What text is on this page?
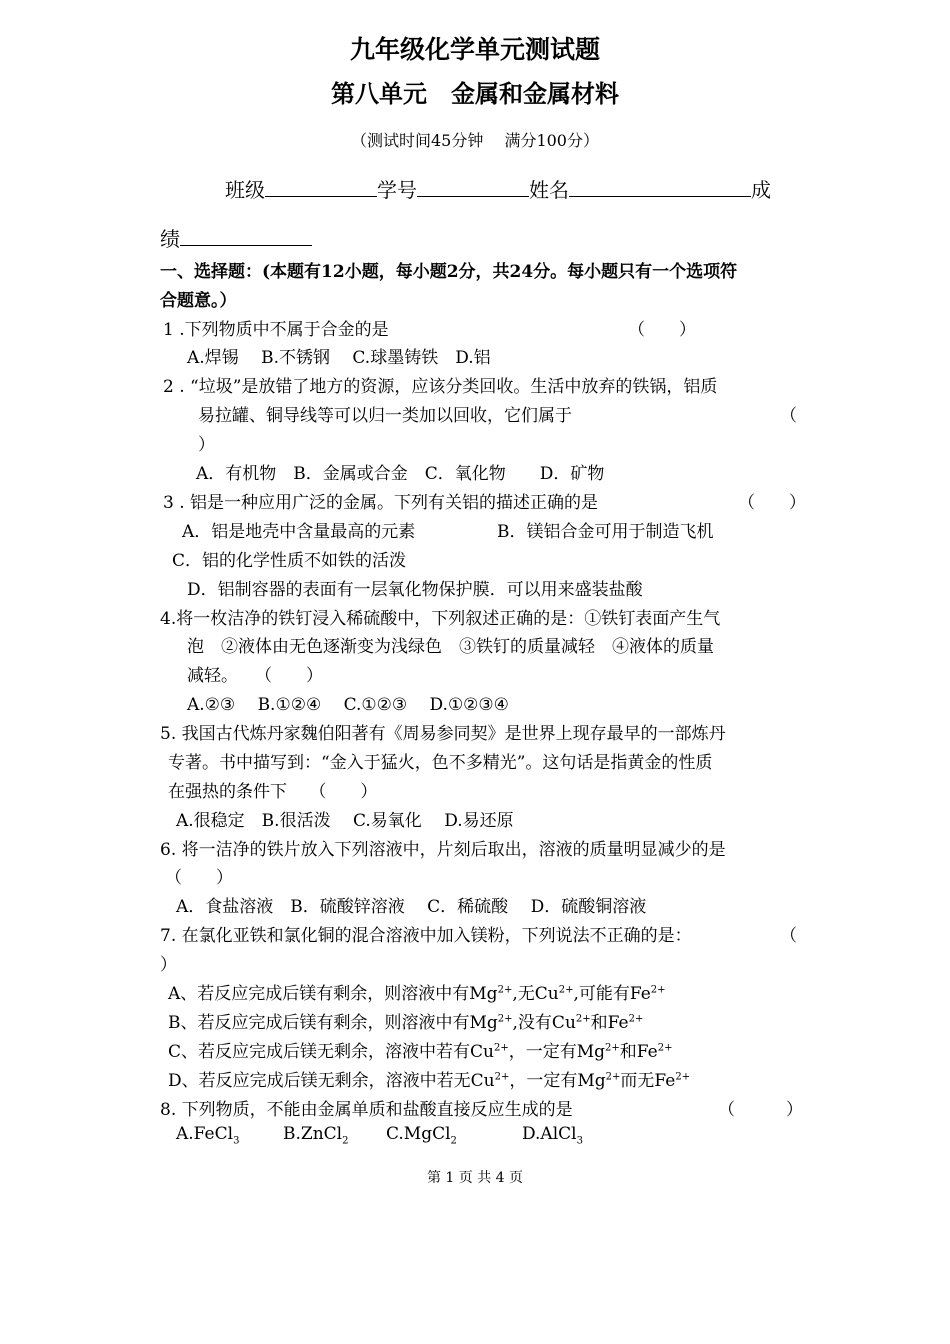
九年级化学单元测试题
第八单元　金属和金属材料
（测试时间45分钟　 满分100分）
班级	学号	姓名	成
绩
一、选择题：(本题有12小题，每小题2分，共24分。每小题只有一个选项符
合题意。）
1 .下列物质中不属于合金的是	（　　）
A.焊锡　 B.不锈钢　 C.球墨铸铁　D.铝
2 . “垃圾”是放错了地方的资源，应该分类回收。生活中放弃的铁锅，铝质
易拉罐、铜导线等可以归一类加以回收，它们属于	（
）
A．有机物　B．金属或合金　C．氧化物　　D．矿物
3 . 铝是一种应用广泛的金属。下列有关铝的描述正确的是	（　　）
A．铝是地壳中含量最高的元素	B．镁铝合金可用于制造飞机
C．铝的化学性质不如铁的活泼
D．铝制容器的表面有一层氧化物保护膜．可以用来盛装盐酸
4.将一枚洁净的铁钉浸入稀硫酸中，下列叙述正确的是：①铁钉表面产生气
泡　②液体由无色逐渐变为浅绿色　③铁钉的质量减轻　④液体的质量
减轻。　　（　　）
A.②③　 B.①②④　 C.①②③　 D.①②③④
5. 我国古代炼丹家魏伯阳著有《周易参同契》是世界上现存最早的一部炼丹
专著。书中描写到：“金入于猛火，色不多精光”。这句话是指黄金的性质
在强热的条件下　 （　　）
A.很稳定　B.很活泼　 C.易氧化　 D.易还原
6. 将一洁净的铁片放入下列溶液中，片刻后取出，溶液的质量明显减少的是
（　　）
A．食盐溶液　B．硫酸锌溶液　 C．稀硫酸　 D．硫酸铜溶液
7. 在氯化亚铁和氯化铜的混合溶液中加入镁粉，下列说法不正确的是：	（
）
A、若反应完成后镁有剩余，则溶液中有$Mg^{2+}$,无$Cu^{2+}$,可能有$Fe^{2+}$
B、若反应完成后镁有剩余，则溶液中有$Mg^{2+}$,没有$Cu^{2+}$和$Fe^{2+}$
C、若反应完成后镁无剩余，溶液中若有$Cu^{2+}$，一定有$Mg^{2+}$和$Fe^{2+}$
D、若反应完成后镁无剩余，溶液中若无$Cu^{2+}$，一定有$Mg^{2+}$而无$Fe^{2+}$
8. 下列物质，不能由金属单质和盐酸直接反应生成的是	（　　　）
A.FeCl$_3$	B.ZnCl$_2$ C.MgCl$_2$	D.AlCl$_3$
第 1 页 共 4 页
